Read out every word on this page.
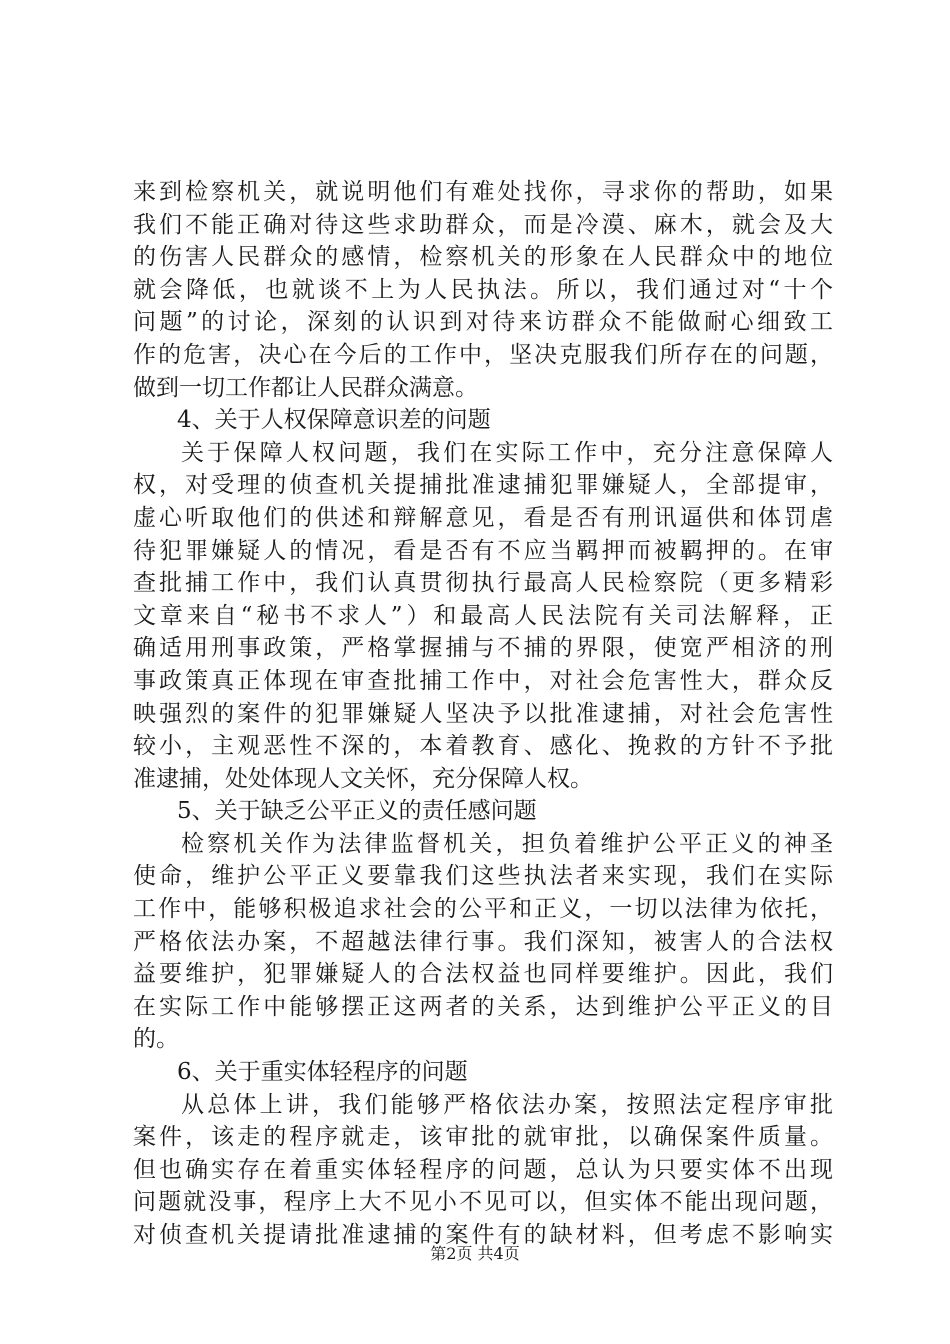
来到检察机关，就说明他们有难处找你，寻求你的帮助，如果
我们不能正确对待这些求助群众，而是冷漠、麻木，就会及大
的伤害人民群众的感情，检察机关的形象在人民群众中的地位
就会降低，也就谈不上为人民执法。所以，我们通过对“十个
问题”的讨论，深刻的认识到对待来访群众不能做耐心细致工
作的危害，决心在今后的工作中，坚决克服我们所存在的问题，
做到一切工作都让人民群众满意。
4、关于人权保障意识差的问题
关于保障人权问题，我们在实际工作中，充分注意保障人
权，对受理的侦查机关提捕批准逮捕犯罪嫌疑人，全部提审，
虚心听取他们的供述和辩解意见，看是否有刑讯逼供和体罚虐
待犯罪嫌疑人的情况，看是否有不应当羁押而被羁押的。在审
查批捕工作中，我们认真贯彻执行最高人民检察院（更多精彩
文章来自“秘书不求人”）和最高人民法院有关司法解释，正
确适用刑事政策，严格掌握捕与不捕的界限，使宽严相济的刑
事政策真正体现在审查批捕工作中，对社会危害性大，群众反
映强烈的案件的犯罪嫌疑人坚决予以批准逮捕，对社会危害性
较小，主观恶性不深的，本着教育、感化、挽救的方针不予批
准逮捕，处处体现人文关怀，充分保障人权。
5、关于缺乏公平正义的责任感问题
检察机关作为法律监督机关，担负着维护公平正义的神圣
使命，维护公平正义要靠我们这些执法者来实现，我们在实际
工作中，能够积极追求社会的公平和正义，一切以法律为依托，
严格依法办案，不超越法律行事。我们深知，被害人的合法权
益要维护，犯罪嫌疑人的合法权益也同样要维护。因此，我们
在实际工作中能够摆正这两者的关系，达到维护公平正义的目
的。
6、关于重实体轻程序的问题
从总体上讲，我们能够严格依法办案，按照法定程序审批
案件，该走的程序就走，该审批的就审批，以确保案件质量。
但也确实存在着重实体轻程序的问题，总认为只要实体不出现
问题就没事，程序上大不见小不见可以，但实体不能出现问题，
对侦查机关提请批准逮捕的案件有的缺材料，但考虑不影响实
第2页 共4页
